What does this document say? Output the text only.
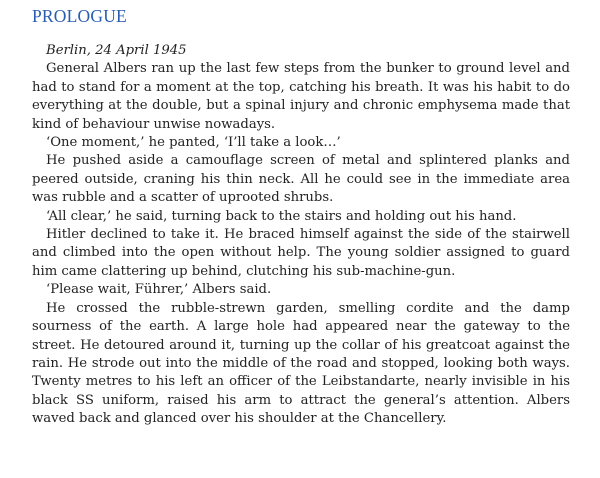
PROLOGUE

Berlin, 24 April 1945

General Albers ran up the last few steps from the bunker to ground level and had to stand for a moment at the top, catching his breath. It was his habit to do everything at the double, but a spinal injury and chronic emphysema made that kind of behaviour unwise nowadays.

‘One moment,’ he panted, ‘I’ll take a look…’

He pushed aside a camouflage screen of metal and splintered planks and peered outside, craning his thin neck. All he could see in the immediate area was rubble and a scatter of uprooted shrubs.

‘All clear,’ he said, turning back to the stairs and holding out his hand.

Hitler declined to take it. He braced himself against the side of the stairwell and climbed into the open without help. The young soldier assigned to guard him came clattering up behind, clutching his sub-machine-gun.

‘Please wait, Führer,’ Albers said.

He crossed the rubble-strewn garden, smelling cordite and the damp sourness of the earth. A large hole had appeared near the gateway to the street. He detoured around it, turning up the collar of his greatcoat against the rain. He strode out into the middle of the road and stopped, looking both ways. Twenty metres to his left an officer of the Leibstandarte, nearly invisible in his black SS uniform, raised his arm to attract the general’s attention. Albers waved back and glanced over his shoulder at the Chancellery.
